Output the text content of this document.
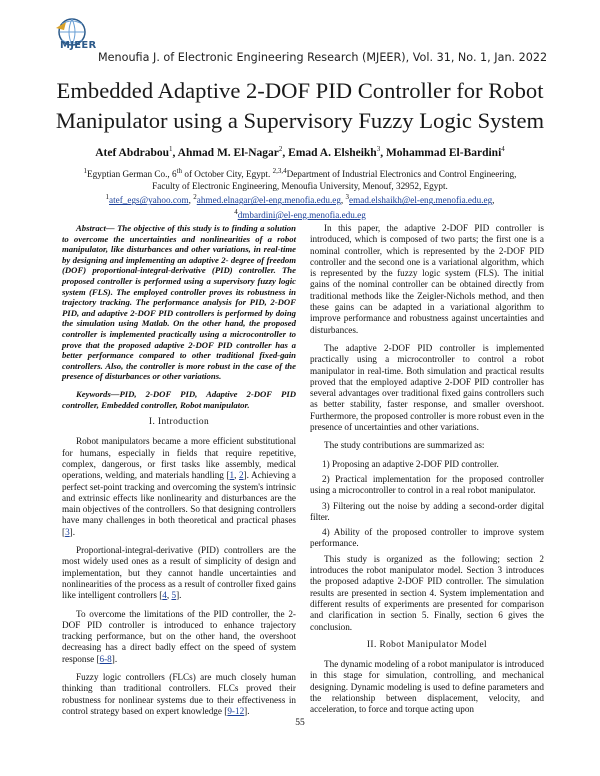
MJEER
Menoufia J. of Electronic Engineering Research (MJEER), Vol. 31, No. 1, Jan. 2022
Embedded Adaptive 2-DOF PID Controller for Robot
Manipulator using a Supervisory Fuzzy Logic System
Atef Abdrabou$^1$, Ahmad M. El-Nagar$^2$, Emad A. Elsheikh$^3$, Mohammad El-Bardini$^4$
$^1$Egyptian German Co., 6th of October City, Egypt. $^{2,3,4}$Department of Industrial Electronics and Control Engineering,
Faculty of Electronic Engineering, Menoufia University, Menouf, 32952, Egypt.
$^1$atef_egs@yahoo.com, $^2$ahmed.elnagar@el-eng.menofia.edu.eg, $^3$emad.elshaikh@el-eng.menofia.edu.eg,
$^4$dmbardini@el-eng.menofia.edu.eg

Abstract— The objective of this study is to finding a solution to overcome the uncertainties and nonlinearities of a robot manipulator, like disturbances and other variations, in real-time by designing and implementing an adaptive 2- degree of freedom (DOF) proportional-integral-derivative (PID) controller. The proposed controller is performed using a supervisory fuzzy logic system (FLS). The employed controller proves its robustness in trajectory tracking. The performance analysis for PID, 2-DOF PID, and adaptive 2-DOF PID controllers is performed by doing the simulation using Matlab. On the other hand, the proposed controller is implemented practically using a microcontroller to prove that the proposed adaptive 2-DOF PID controller has a better performance compared to other traditional fixed-gain controllers. Also, the controller is more robust in the case of the presence of disturbances or other variations.

Keywords—PID, 2-DOF PID, Adaptive 2-DOF PID controller, Embedded controller, Robot manipulator.

I. Introduction

Robot manipulators became a more efficient substitutional for humans, especially in fields that require repetitive, complex, dangerous, or first tasks like assembly, medical operations, welding, and materials handling [1, 2]. Achieving a perfect set-point tracking and overcoming the system's intrinsic and extrinsic effects like nonlinearity and disturbances are the main objectives of the controllers. So that designing controllers have many challenges in both theoretical and practical phases [3].

Proportional-integral-derivative (PID) controllers are the most widely used ones as a result of simplicity of design and implementation, but they cannot handle uncertainties and nonlinearities of the process as a result of controller fixed gains like intelligent controllers [4, 5].

To overcome the limitations of the PID controller, the 2-DOF PID controller is introduced to enhance trajectory tracking performance, but on the other hand, the overshoot decreasing has a direct badly effect on the speed of system response [6-8].

Fuzzy logic controllers (FLCs) are much closely human thinking than traditional controllers. FLCs proved their robustness for nonlinear systems due to their effectiveness in control strategy based on expert knowledge [9-12].

In this paper, the adaptive 2-DOF PID controller is introduced, which is composed of two parts; the first one is a nominal controller, which is represented by the 2-DOF PID controller and the second one is a variational algorithm, which is represented by the fuzzy logic system (FLS). The initial gains of the nominal controller can be obtained directly from traditional methods like the Zeigler-Nichols method, and then these gains can be adapted in a variational algorithm to improve performance and robustness against uncertainties and disturbances.

The adaptive 2-DOF PID controller is implemented practically using a microcontroller to control a robot manipulator in real-time. Both simulation and practical results proved that the employed adaptive 2-DOF PID controller has several advantages over traditional fixed gains controllers such as better stability, faster response, and smaller overshoot. Furthermore, the proposed controller is more robust even in the presence of uncertainties and other variations.

The study contributions are summarized as:

1) Proposing an adaptive 2-DOF PID controller.

2) Practical implementation for the proposed controller using a microcontroller to control in a real robot manipulator.

3) Filtering out the noise by adding a second-order digital filter.

4) Ability of the proposed controller to improve system performance.

This study is organized as the following; section 2 introduces the robot manipulator model. Section 3 introduces the proposed adaptive 2-DOF PID controller. The simulation results are presented in section 4. System implementation and different results of experiments are presented for comparison and clarification in section 5. Finally, section 6 gives the conclusion.

II. Robot Manipulator Model

The dynamic modeling of a robot manipulator is introduced in this stage for simulation, controlling, and mechanical designing. Dynamic modeling is used to define parameters and the relationship between displacement, velocity, and acceleration, to force and torque acting upon

55
